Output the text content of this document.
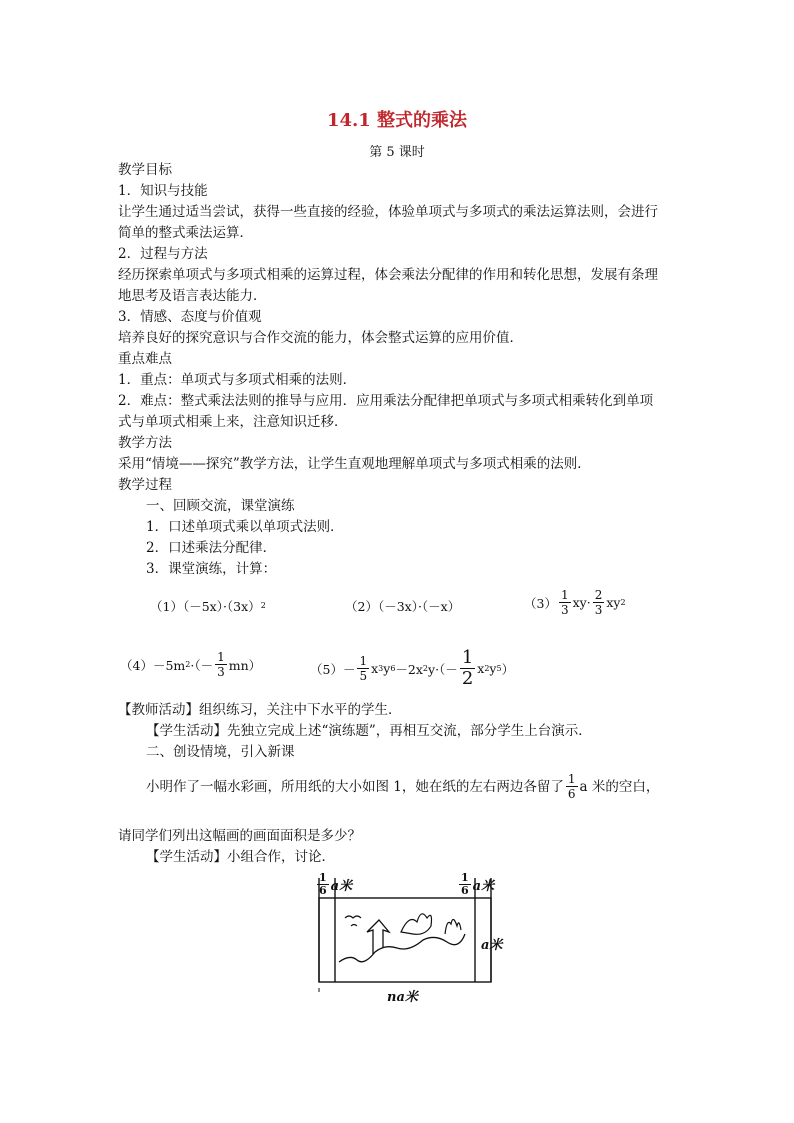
14.1 整式的乘法
第 5 课时
教学目标
1．知识与技能
让学生通过适当尝试，获得一些直接的经验，体验单项式与多项式的乘法运算法则，会进行
简单的整式乘法运算．
2．过程与方法
经历探索单项式与多项式相乘的运算过程，体会乘法分配律的作用和转化思想，发展有条理
地思考及语言表达能力．
3．情感、态度与价值观
培养良好的探究意识与合作交流的能力，体会整式运算的应用价值．
重点难点
1．重点：单项式与多项式相乘的法则．
2．难点：整式乘法法则的推导与应用．应用乘法分配律把单项式与多项式相乘转化到单项
式与单项式相乘上来，注意知识迁移．
教学方法
采用“情境——探究”教学方法，让学生直观地理解单项式与多项式相乘的法则．
教学过程
一、回顾交流，课堂演练
1．口述单项式乘以单项式法则．
2．口述乘法分配律．
3．课堂演练，计算：
（1）（－5x）·（3x） 2	（2）（－3x）·（－x）	$(3) \frac{1}{3} xy\cdot \frac{2}{3}$ xy 2
（4）－5m 2 ·（－ $\frac{1}{3} mn$）	$(5)- \frac{1}{5}$ x 3 y 6 －2x 2 $y\cdot(- \frac{1}{2}$ x 2 y 5 ）
【教师活动】组织练习，关注中下水平的学生．
【学生活动】先独立完成上述“演练题”，再相互交流，部分学生上台演示．
二、创设情境，引入新课
小明作了一幅水彩画，所用纸的大小如图 1，她在纸的左右两边各留了 $\frac{1}{6}$ a 米的空白，
请同学们列出这幅画的画面面积是多少？
【学生活动】小组合作，讨论．
$\frac{1}{6}$ a米	$\frac{1}{6}$ a米
a米
na米
